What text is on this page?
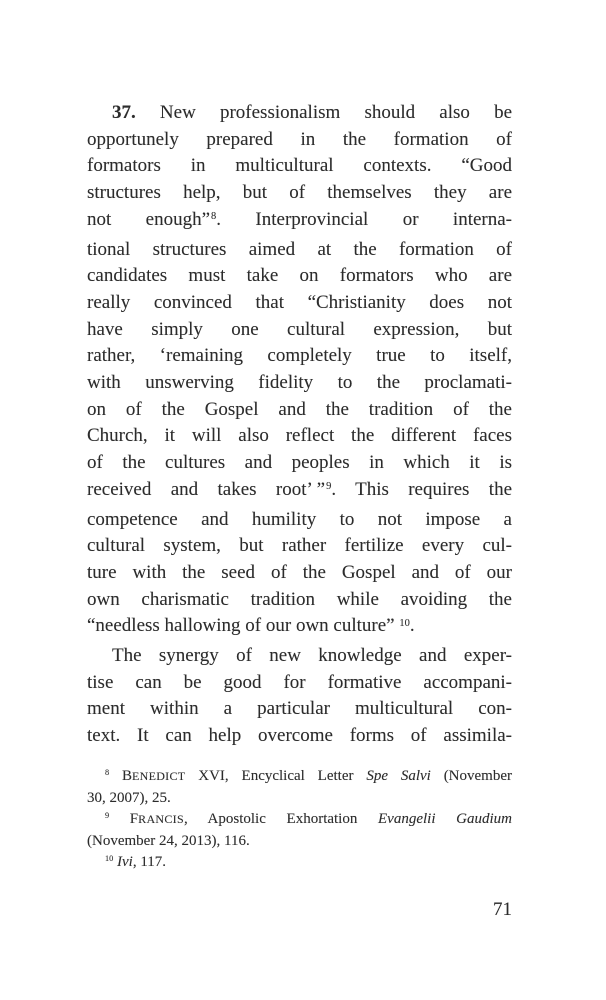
37. New professionalism should also be
opportunely prepared in the formation of
formators in multicultural contexts. “Good
structures help, but of themselves they are
not enough”$^8$. Interprovincial or interna-
tional structures aimed at the formation of
candidates must take on formators who are
really convinced that “Christianity does not
have simply one cultural expression, but
rather, ‘remaining completely true to itself,
with unswerving fidelity to the proclamati-
on of the Gospel and the tradition of the
Church, it will also reflect the different faces
of the cultures and peoples in which it is
received and takes root’ ”$^9$. This requires the
competence and humility to not impose a
cultural system, but rather fertilize every cul-
ture with the seed of the Gospel and of our
own charismatic tradition while avoiding the
“needless hallowing of our own culture” $^{10}$.
The synergy of new knowledge and exper-
tise can be good for formative accompani-
ment within a particular multicultural con-
text. It can help overcome forms of assimila-
$^8$ BENEDICT XVI, Encyclical Letter Spe Salvi (November
30, 2007), 25.
$^9$ FRANCIS, Apostolic Exhortation Evangelii Gaudium
(November 24, 2013), 116.
$^{10}$ Ivi, 117.
71
